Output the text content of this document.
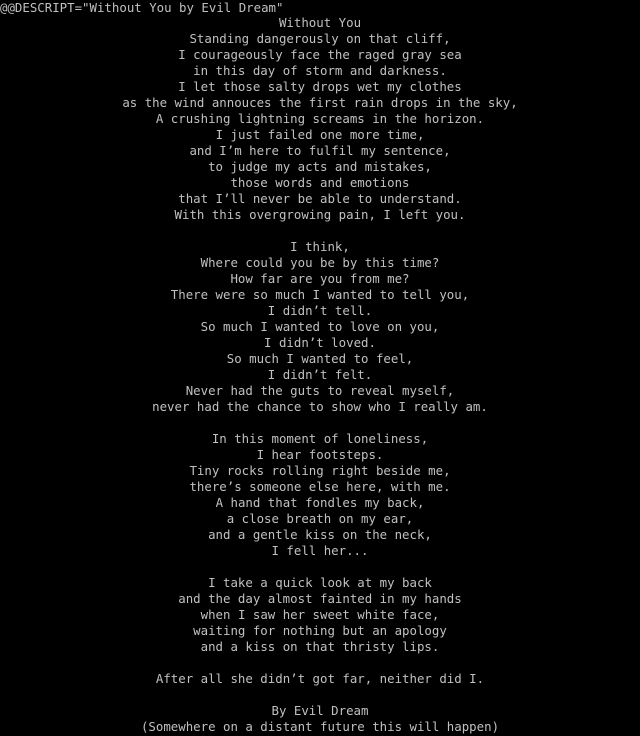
@@DESCRIPT="Without You by Evil Dream"
Without You
Standing dangerously on that cliff,
I courageously face the raged gray sea
in this day of storm and darkness.
I let those salty drops wet my clothes
as the wind annouces the first rain drops in the sky,
A crushing lightning screams in the horizon.
I just failed one more time,
and I’m here to fulfil my sentence,
to judge my acts and mistakes,
those words and emotions
that I’ll never be able to understand.
With this overgrowing pain, I left you.
I think,
Where could you be by this time?
How far are you from me?
There were so much I wanted to tell you,
I didn’t tell.
So much I wanted to love on you,
I didn’t loved.
So much I wanted to feel,
I didn’t felt.
Never had the guts to reveal myself,
never had the chance to show who I really am.
In this moment of loneliness,
I hear footsteps.
Tiny rocks rolling right beside me,
there’s someone else here, with me.
A hand that fondles my back,
a close breath on my ear,
and a gentle kiss on the neck,
I fell her...
I take a quick look at my back
and the day almost fainted in my hands
when I saw her sweet white face,
waiting for nothing but an apology
and a kiss on that thristy lips.
After all she didn’t got far, neither did I.
By Evil Dream
(Somewhere on a distant future this will happen)
